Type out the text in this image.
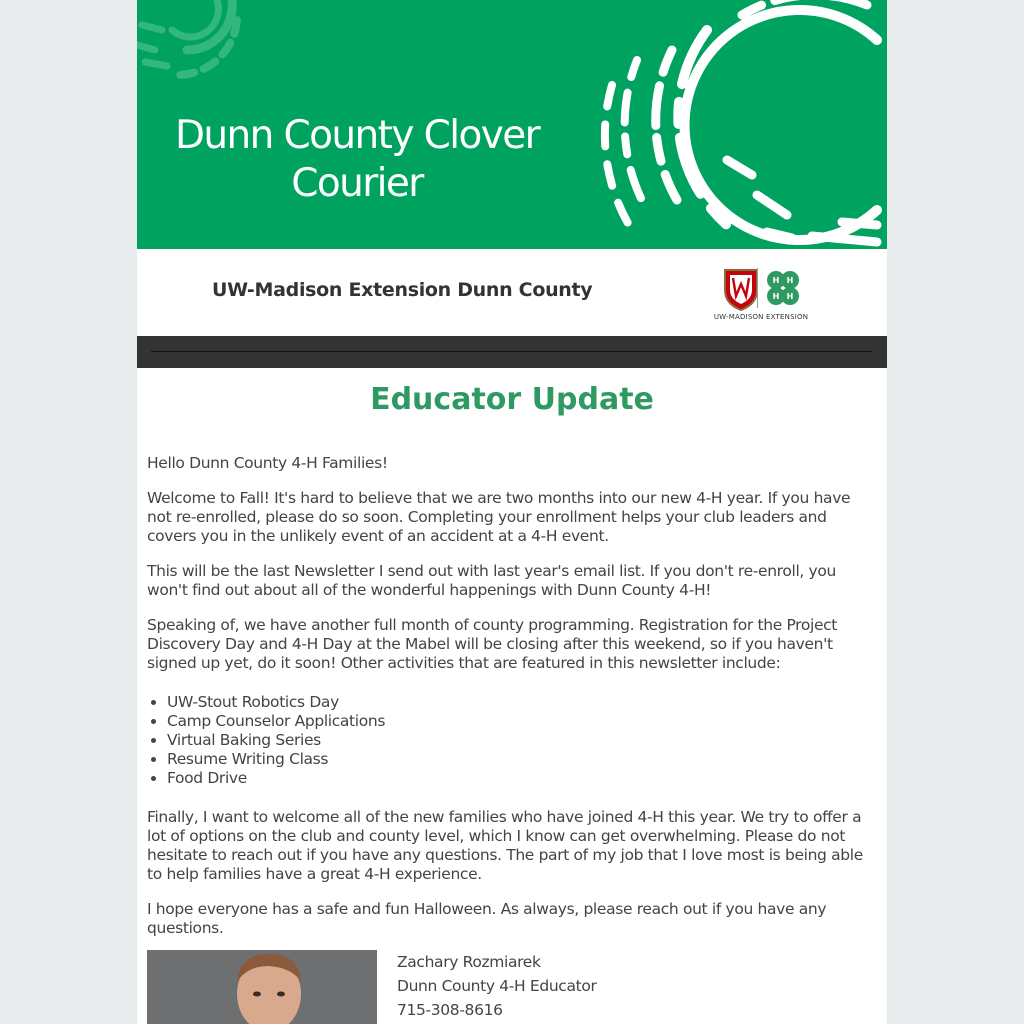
Dunn County Clover
Courier
UW-Madison Extension Dunn County	H H
H H
UW-MADISON EXTENSION
Educator Update

Hello Dunn County 4-H Families!

Welcome to Fall! It's hard to believe that we are two months into our new 4-H year. If you have not re-enrolled, please do so soon. Completing your enrollment helps your club leaders and covers you in the unlikely event of an accident at a 4-H event.

This will be the last Newsletter I send out with last year's email list. If you don't re-enroll, you won't find out about all of the wonderful happenings with Dunn County 4-H!

Speaking of, we have another full month of county programming. Registration for the Project Discovery Day and 4-H Day at the Mabel will be closing after this weekend, so if you haven't signed up yet, do it soon! Other activities that are featured in this newsletter include:

• UW-Stout Robotics Day
• Camp Counselor Applications
• Virtual Baking Series
• Resume Writing Class
• Food Drive

Finally, I want to welcome all of the new families who have joined 4-H this year. We try to offer a lot of options on the club and county level, which I know can get overwhelming. Please do not hesitate to reach out if you have any questions. The part of my job that I love most is being able to help families have a great 4-H experience.

I hope everyone has a safe and fun Halloween. As always, please reach out if you have any questions.

Zachary Rozmiarek
Dunn County 4-H Educator
715-308-8616
